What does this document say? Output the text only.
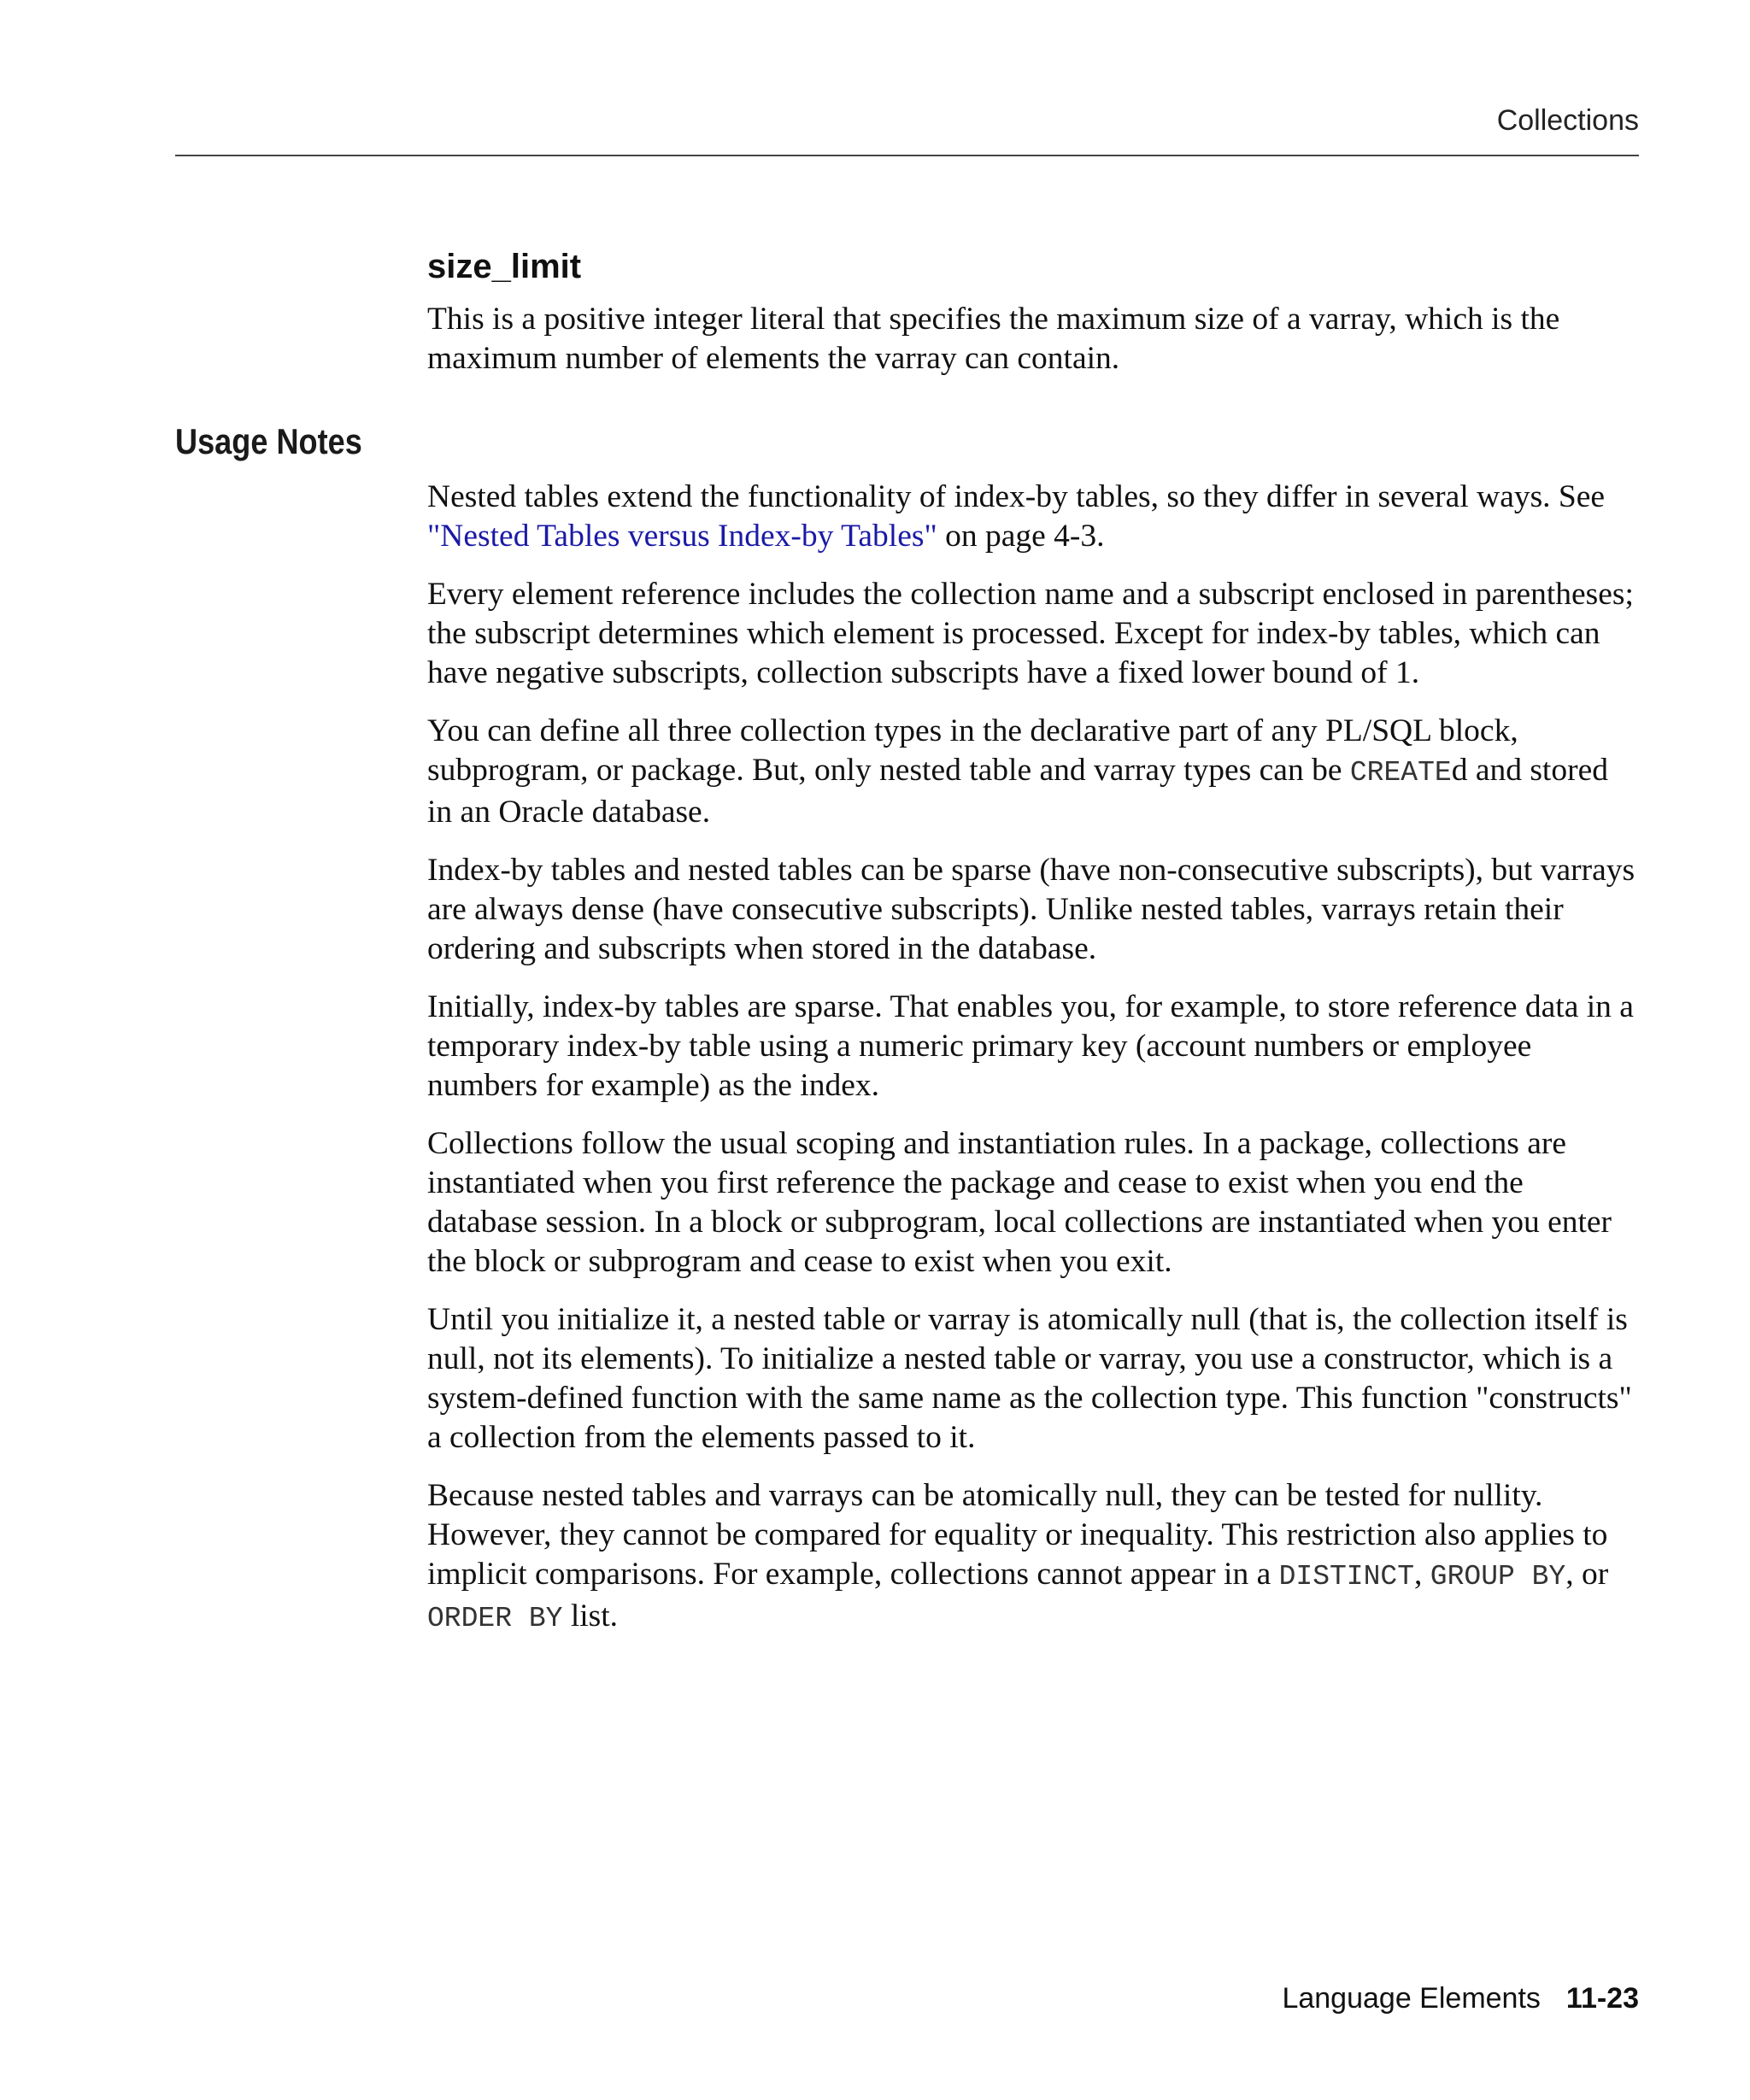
Collections
size_limit

This is a positive integer literal that specifies the maximum size of a varray, which is the maximum number of elements the varray can contain.

Usage Notes

Nested tables extend the functionality of index-by tables, so they differ in several ways. See "Nested Tables versus Index-by Tables" on page 4-3.

Every element reference includes the collection name and a subscript enclosed in parentheses; the subscript determines which element is processed. Except for index-by tables, which can have negative subscripts, collection subscripts have a fixed lower bound of 1.

You can define all three collection types in the declarative part of any PL/SQL block, subprogram, or package. But, only nested table and varray types can be CREATEd and stored in an Oracle database.

Index-by tables and nested tables can be sparse (have non-consecutive subscripts), but varrays are always dense (have consecutive subscripts). Unlike nested tables, varrays retain their ordering and subscripts when stored in the database.

Initially, index-by tables are sparse. That enables you, for example, to store reference data in a temporary index-by table using a numeric primary key (account numbers or employee numbers for example) as the index.

Collections follow the usual scoping and instantiation rules. In a package, collections are instantiated when you first reference the package and cease to exist when you end the database session. In a block or subprogram, local collections are instantiated when you enter the block or subprogram and cease to exist when you exit.

Until you initialize it, a nested table or varray is atomically null (that is, the collection itself is null, not its elements). To initialize a nested table or varray, you use a constructor, which is a system-defined function with the same name as the collection type. This function "constructs" a collection from the elements passed to it.

Because nested tables and varrays can be atomically null, they can be tested for nullity. However, they cannot be compared for equality or inequality. This restriction also applies to implicit comparisons. For example, collections cannot appear in a DISTINCT, GROUP BY, or ORDER BY list.

Language Elements 11-23
